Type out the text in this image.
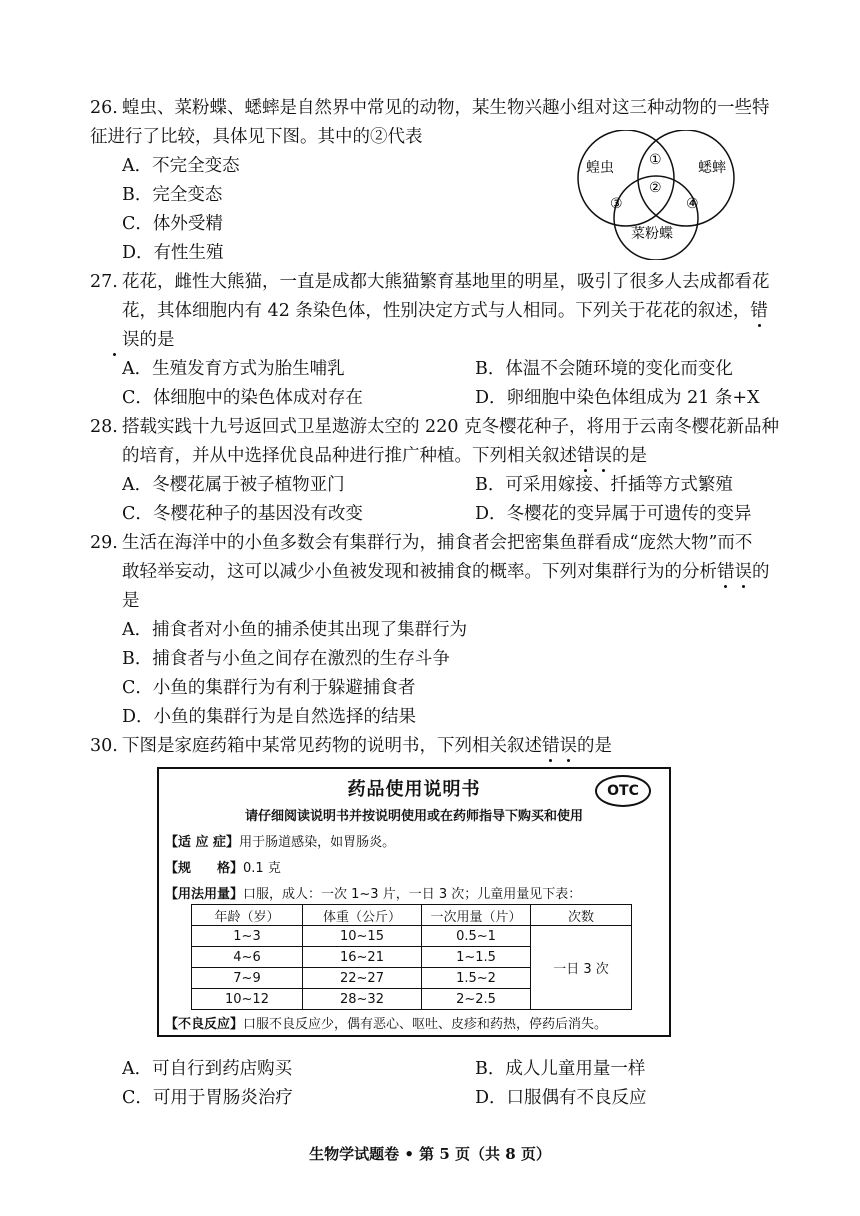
26. 蝗虫、菜粉蝶、蟋蟀是自然界中常见的动物，某生物兴趣小组对这三种动物的一些特
征进行了比较，具体见下图。其中的②代表
A．不完全变态
B．完全变态
C．体外受精
D．有性生殖
蝗虫	蟋蟀
菜粉蝶
①
②
③	④
27. 花花，雌性大熊猫，一直是成都大熊猫繁育基地里的明星，吸引了很多人去成都看花
花，其体细胞内有 42 条染色体，性别决定方式与人相同。下列关于花花的叙述，错
误的是
A．生殖发育方式为胎生哺乳	B．体温不会随环境的变化而变化
C．体细胞中的染色体成对存在	D．卵细胞中染色体组成为 21 条+X
28. 搭载实践十九号返回式卫星遨游太空的 220 克冬樱花种子，将用于云南冬樱花新品种
的培育，并从中选择优良品种进行推广种植。下列相关叙述错误的是
A．冬樱花属于被子植物亚门	B．可采用嫁接、扦插等方式繁殖
C．冬樱花种子的基因没有改变	D．冬樱花的变异属于可遗传的变异
29. 生活在海洋中的小鱼多数会有集群行为，捕食者会把密集鱼群看成“庞然大物”而不
敢轻举妄动，这可以减少小鱼被发现和被捕食的概率。下列对集群行为的分析错误的
是
A．捕食者对小鱼的捕杀使其出现了集群行为
B．捕食者与小鱼之间存在激烈的生存斗争
C．小鱼的集群行为有利于躲避捕食者
D．小鱼的集群行为是自然选择的结果
30. 下图是家庭药箱中某常见药物的说明书，下列相关叙述错误的是
药品使用说明书	OTC
请仔细阅读说明书并按说明使用或在药师指导下购买和使用
【适 应 症】用于肠道感染，如胃肠炎。
【规　　格】0.1 克
【用法用量】口服，成人：一次 1~3 片，一日 3 次；儿童用量见下表：
年龄（岁）	体重（公斤）	一次用量（片）	次数
1~3	10~15	0.5~1	一日 3 次
4~6	16~21	1~1.5	
7~9	22~27	1.5~2	
10~12	28~32	2~2.5	
【不良反应】口服不良反应少，偶有恶心、呕吐、皮疹和药热，停药后消失。
A．可自行到药店购买	B．成人儿童用量一样
C．可用于胃肠炎治疗	D．口服偶有不良反应
生物学试题卷 • 第 5 页（共 8 页）
